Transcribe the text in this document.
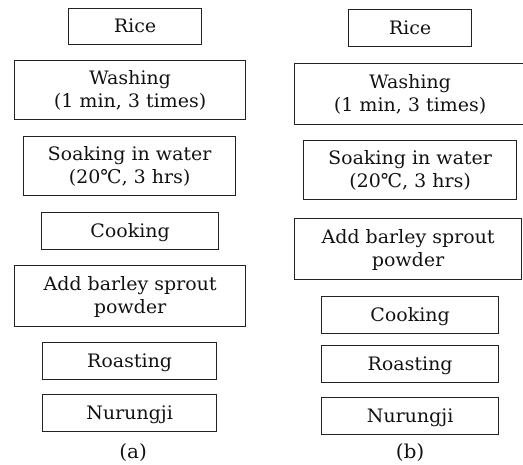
Rice
Washing
(1 min, 3 times)
Soaking in water
(20℃, 3 hrs)
Cooking
Add barley sprout
powder
Roasting
Nurungji
(a)
Rice
Washing
(1 min, 3 times)
Soaking in water
(20℃, 3 hrs)
Add barley sprout
powder
Cooking
Roasting
Nurungji
(b)
